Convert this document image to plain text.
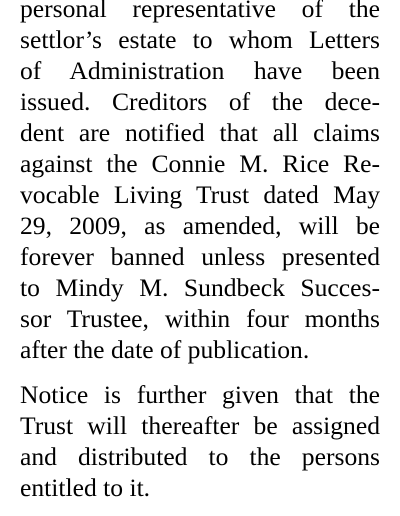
personal representative of the
settlor’s estate to whom Letters
of Administration have been
issued. Creditors of the dece-
dent are notified that all claims
against the Connie M. Rice Re-
vocable Living Trust dated May
29, 2009, as amended, will be
forever banned unless presented
to Mindy M. Sundbeck Succes-
sor Trustee, within four months
after the date of publication.
Notice is further given that the
Trust will thereafter be assigned
and distributed to the persons
entitled to it.
